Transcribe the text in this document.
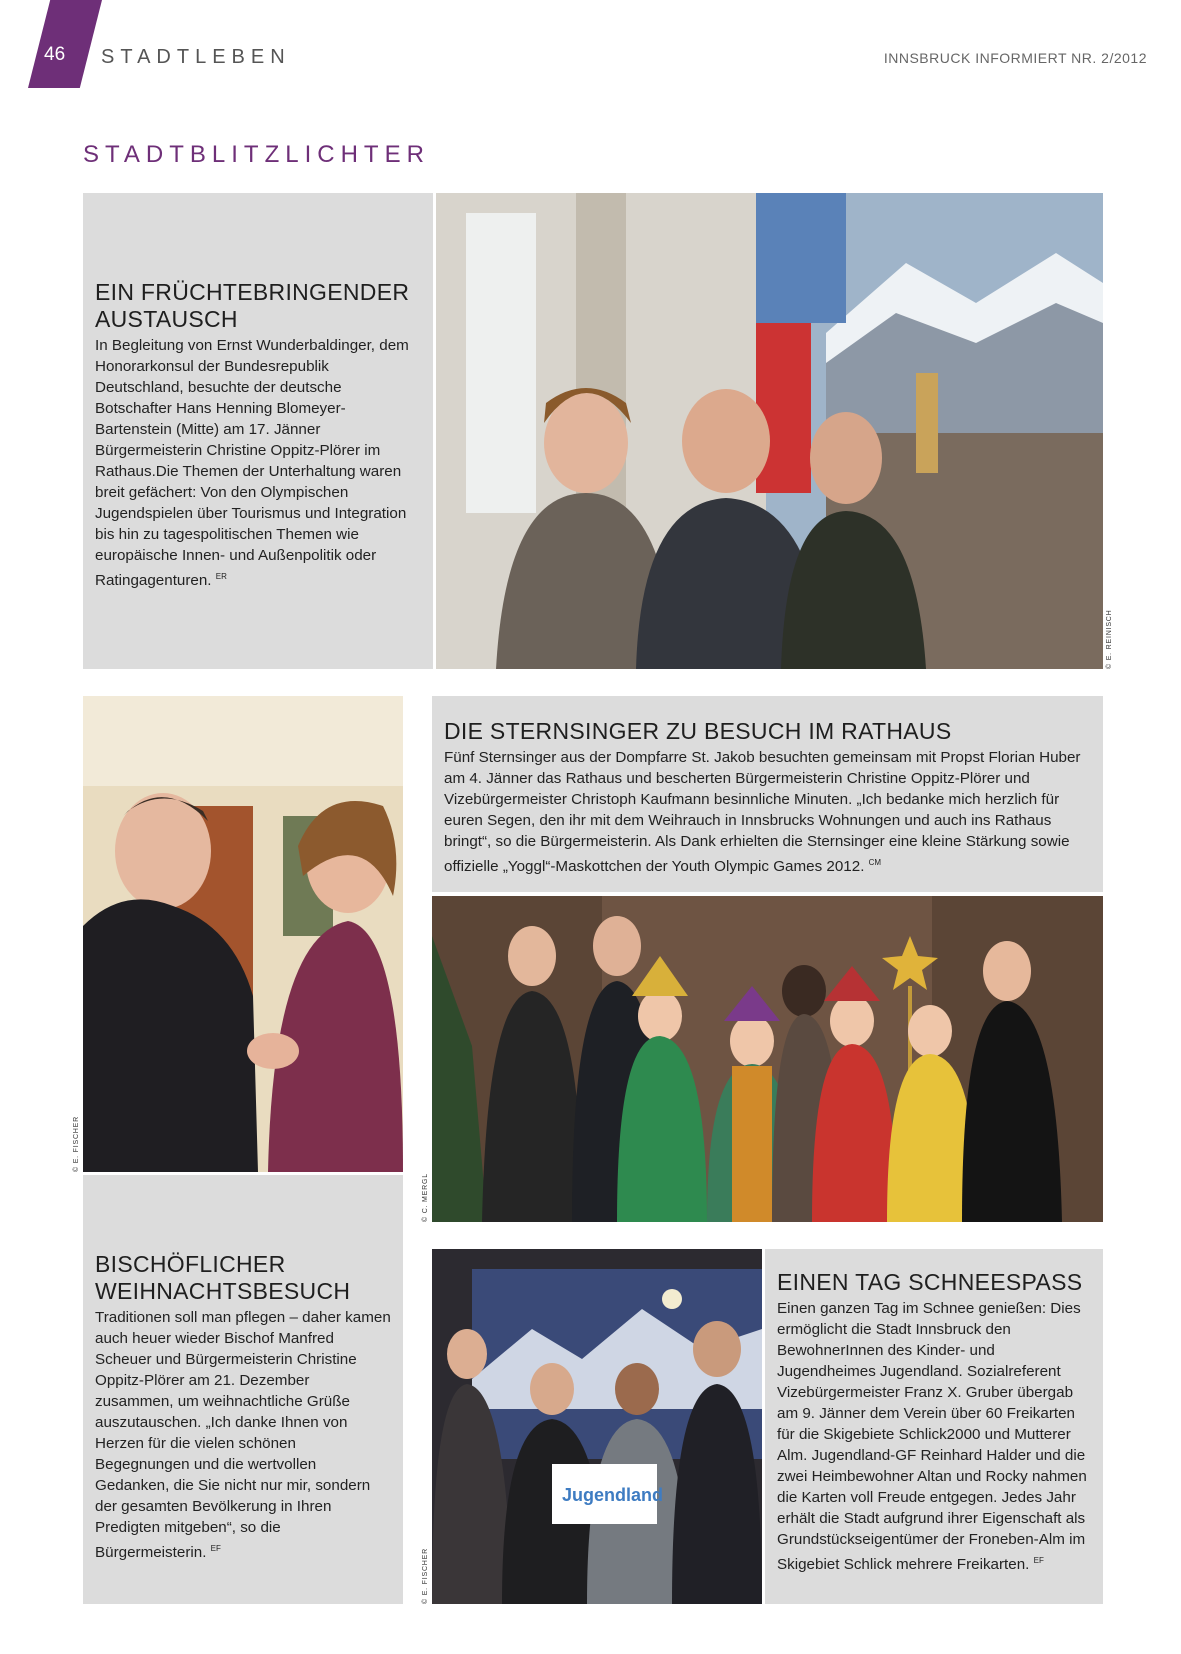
46 STADTLEBEN	INNSBRUCK INFORMIERT NR. 2/2012
STADTBLITZLICHTER
EIN FRÜCHTEBRINGENDER AUSTAUSCH

In Begleitung von Ernst Wunderbaldinger, dem Honorarkonsul der Bundesrepublik Deutschland, besuchte der deutsche Botschafter Hans Henning Blomeyer-Bartenstein (Mitte) am 17. Jänner Bürgermeisterin Christine Oppitz-Plörer im Rathaus.Die Themen der Unterhaltung waren breit gefächert: Von den Olympischen Jugendspielen über Tourismus und Integration bis hin zu tagespolitischen Themen wie europäische Innen- und Außenpolitik oder Ratingagenturen. $^{ER}$

© E. REINISCH
© E. FISCHER
DIE STERNSINGER ZU BESUCH IM RATHAUS

Fünf Sternsinger aus der Dompfarre St. Jakob besuchten gemeinsam mit Propst Florian Huber am 4. Jänner das Rathaus und bescherten Bürgermeisterin Christine Oppitz-Plörer und Vizebürgermeister Christoph Kaufmann besinnliche Minuten. „Ich bedanke mich herzlich für euren Segen, den ihr mit dem Weihrauch in Innsbrucks Wohnungen und auch ins Rathaus bringt“, so die Bürgermeisterin. Als Dank erhielten die Sternsinger eine kleine Stärkung sowie offizielle „Yoggl“-Maskottchen der Youth Olympic Games 2012. $^{CM}$

© C. MERGL
BISCHÖFLICHER WEIHNACHTSBESUCH

Traditionen soll man pflegen – daher kamen auch heuer wieder Bischof Manfred Scheuer und Bürgermeisterin Christine Oppitz-Plörer am 21. Dezember zusammen, um weihnachtliche Grüße auszutauschen. „Ich danke Ihnen von Herzen für die vielen schönen Begegnungen und die wertvollen Gedanken, die Sie nicht nur mir, sondern der gesamten Bevölkerung in Ihren Predigten mitgeben“, so die Bürgermeisterin. $^{EF}$

Jugendland
© E. FISCHER
EINEN TAG SCHNEESPASS

Einen ganzen Tag im Schnee genießen: Dies ermöglicht die Stadt Innsbruck den BewohnerInnen des Kinder- und Jugendheimes Jugendland. Sozialreferent Vizebürgermeister Franz X. Gruber übergab am 9. Jänner dem Verein über 60 Freikarten für die Skigebiete Schlick2000 und Mutterer Alm. Jugendland-GF Reinhard Halder und die zwei Heimbewohner Altan und Rocky nahmen die Karten voll Freude entgegen. Jedes Jahr erhält die Stadt aufgrund ihrer Eigenschaft als Grundstückseigentümer der Froneben-Alm im Skigebiet Schlick mehrere Freikarten. $^{EF}$
